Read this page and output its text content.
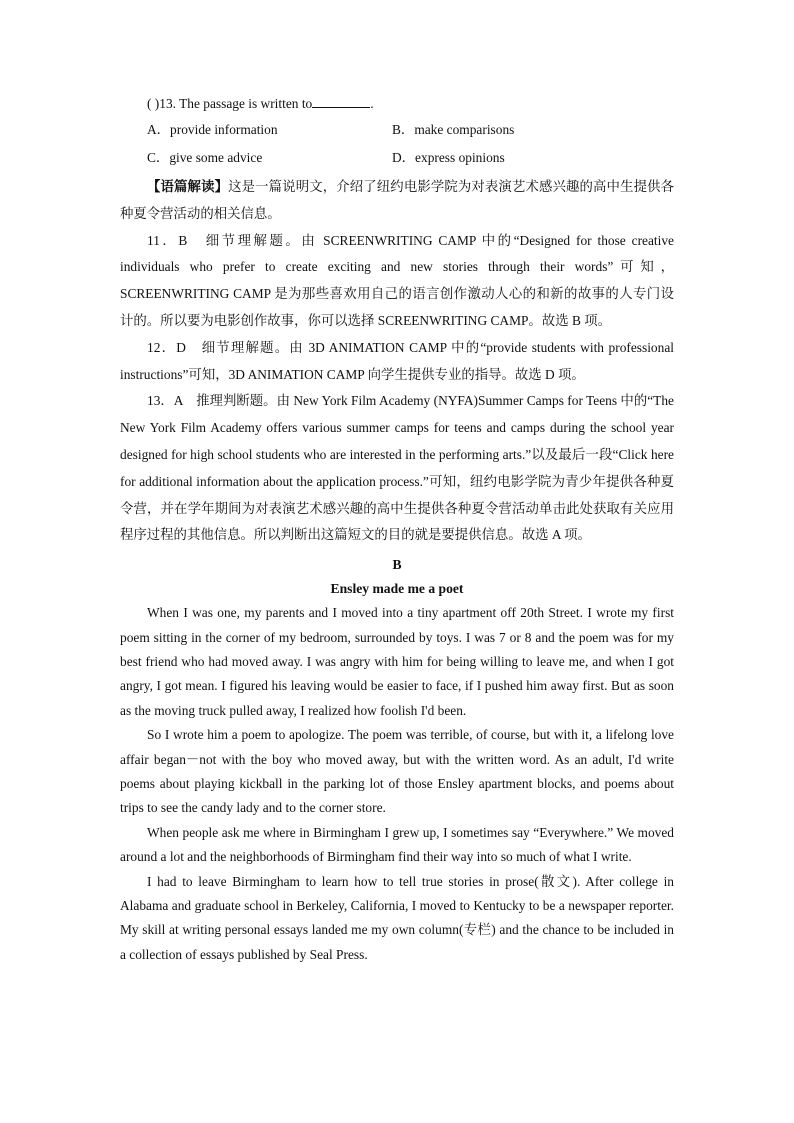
( )13. The passage is written to	.
A．provide information	B．make comparisons
C．give some advice	D．express opinions

【语篇解读】这是一篇说明文，介绍了纽约电影学院为对表演艺术感兴趣的高中生提供各种夏令营活动的相关信息。

11．B　细节理解题。由 SCREENWRITING CAMP 中的“Designed for those creative individuals who prefer to create exciting and new stories through their words”可知，SCREENWRITING CAMP 是为那些喜欢用自己的语言创作激动人心的和新的故事的人专门设计的。所以要为电影创作故事，你可以选择 SCREENWRITING CAMP。故选 B 项。

12．D　细节理解题。由 3D ANIMATION CAMP 中的“provide students with professional instructions”可知，3D ANIMATION CAMP 向学生提供专业的指导。故选 D 项。

13．A　推理判断题。由 New York Film Academy (NYFA)Summer Camps for Teens 中的“The New York Film Academy offers various summer camps for teens and camps during the school year designed for high school students who are interested in the performing arts.”以及最后一段“Click here for additional information about the application process.”可知，纽约电影学院为青少年提供各种夏令营，并在学年期间为对表演艺术感兴趣的高中生提供各种夏令营活动单击此处获取有关应用程序过程的其他信息。所以判断出这篇短文的目的就是要提供信息。故选 A 项。

B

Ensley made me a poet

When I was one, my parents and I moved into a tiny apartment off 20th Street. I wrote my first poem sitting in the corner of my bedroom, surrounded by toys. I was 7 or 8 and the poem was for my best friend who had moved away. I was angry with him for being willing to leave me, and when I got angry, I got mean. I figured his leaving would be easier to face, if I pushed him away first. But as soon as the moving truck pulled away, I realized how foolish I'd been.

So I wrote him a poem to apologize. The poem was terrible, of course, but with it, a lifelong love affair began－not with the boy who moved away, but with the written word. As an adult, I'd write poems about playing kickball in the parking lot of those Ensley apartment blocks, and poems about trips to see the candy lady and to the corner store.

When people ask me where in Birmingham I grew up, I sometimes say “Everywhere.” We moved around a lot and the neighborhoods of Birmingham find their way into so much of what I write.

I had to leave Birmingham to learn how to tell true stories in prose(散文). After college in Alabama and graduate school in Berkeley, California, I moved to Kentucky to be a newspaper reporter. My skill at writing personal essays landed me my own column(专栏) and the chance to be included in a collection of essays published by Seal Press.
